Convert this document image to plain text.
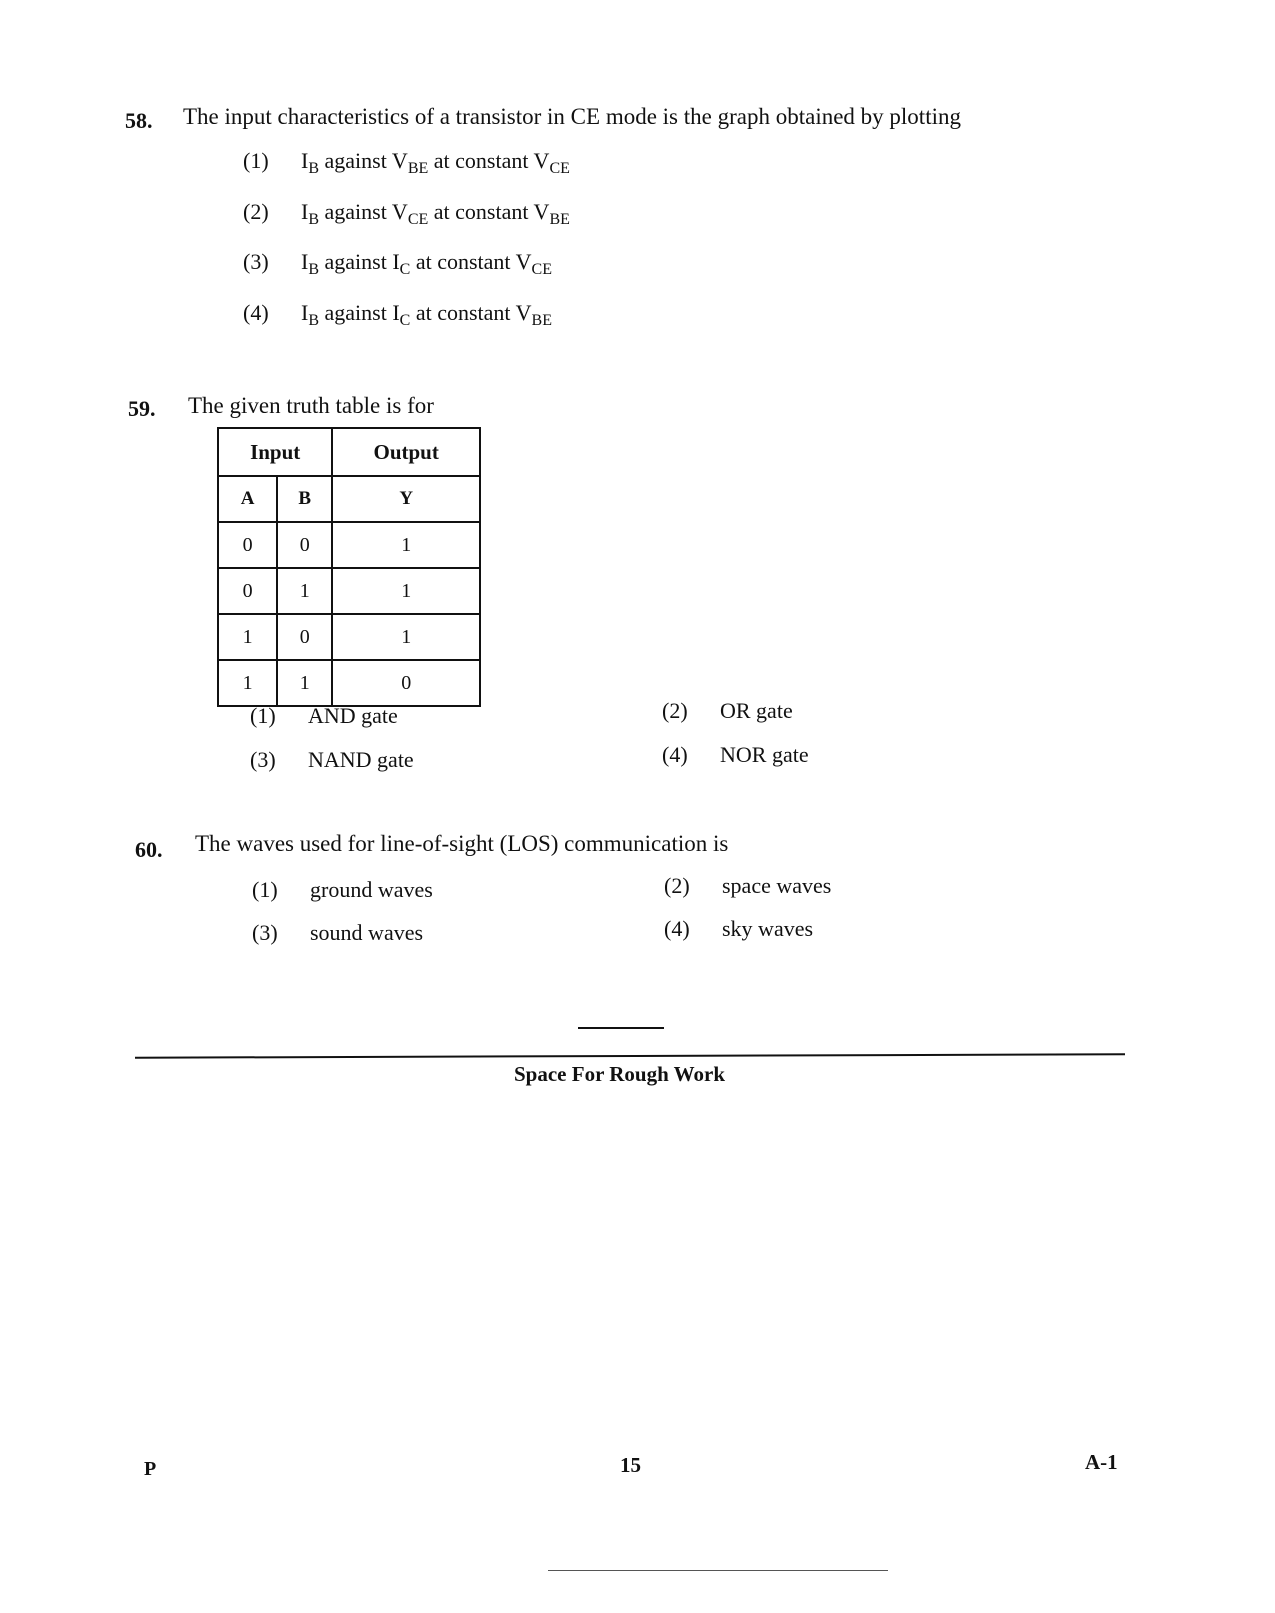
58. The input characteristics of a transistor in CE mode is the graph obtained by plotting
(1) $I_B$ against $V_{BE}$ at constant $V_{CE}$
(2) $I_B$ against $V_{CE}$ at constant $V_{BE}$
(3) $I_B$ against $I_C$ at constant $V_{CE}$
(4) $I_B$ against $I_C$ at constant $V_{BE}$
59. The given truth table is for
Input		Output
A	B	Y
0	0	1
0	1	1
1	0	1
1	1	0
(1) AND gate	(2) OR gate
(3) NAND gate	(4) NOR gate
60. The waves used for line-of-sight (LOS) communication is
(1) ground waves	(2) space waves
(3) sound waves	(4) sky waves
Space For Rough Work
P	15	A-1
